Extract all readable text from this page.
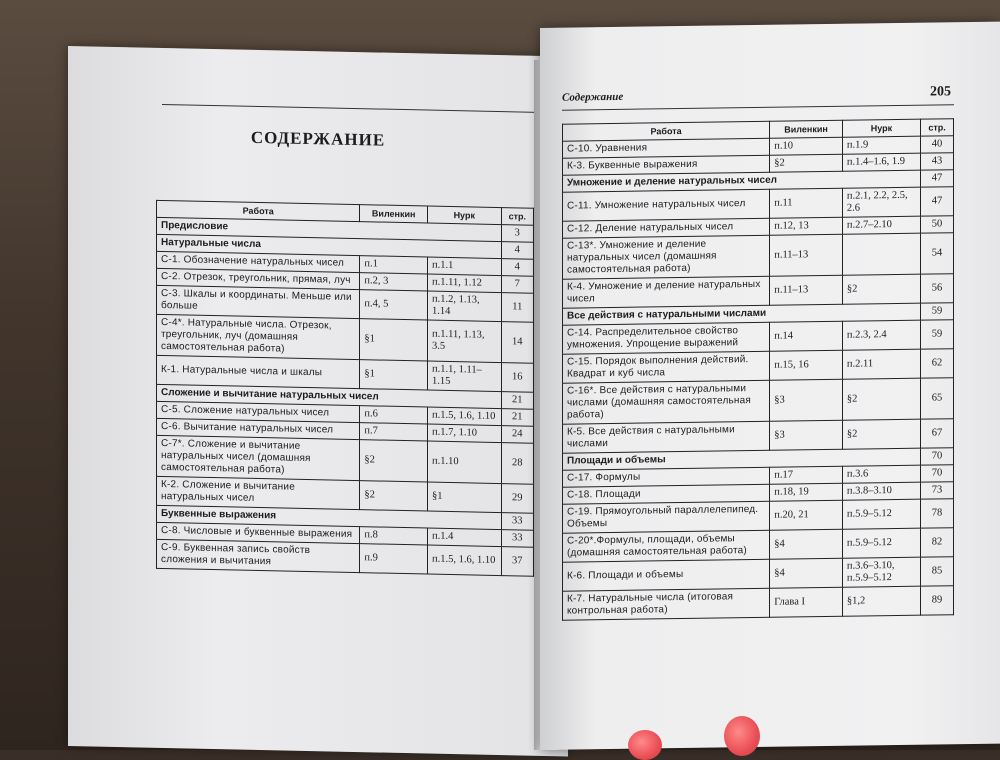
СОДЕРЖАНИЕ
Работа	Виленкин	Нурк	стр.
Предисловие			3
Натуральные числа			4
С-1. Обозначение натуральных чисел	п.1	п.1.1	4
С-2. Отрезок, треугольник, прямая, луч	п.2, 3	п.1.11, 1.12	7
С-3. Шкалы и координаты. Меньше или больше	п.4, 5	п.1.2, 1.13, 1.14	11
С-4*. Натуральные числа. Отрезок, треугольник, луч (домашняя самостоятельная работа)	§1	п.1.11, 1.13, 3.5	14
К-1. Натуральные числа и шкалы	§1	п.1.1, 1.11–1.15	16
Сложение и вычитание натуральных чисел			21
С-5. Сложение натуральных чисел	п.6	п.1.5, 1.6, 1.10	21
С-6. Вычитание натуральных чисел	п.7	п.1.7, 1.10	24
С-7*. Сложение и вычитание натуральных чисел (домашняя самостоятельная работа)	§2	п.1.10	28
К-2. Сложение и вычитание натуральных чисел	§2	§1	29
Буквенные выражения			33
С-8. Числовые и буквенные выражения	п.8	п.1.4	33
С-9. Буквенная запись свойств сложения и вычитания	п.9	п.1.5, 1.6, 1.10	37
Содержание	205
Работа	Виленкин	Нурк	стр.
С-10. Уравнения	п.10	п.1.9	40
К-3. Буквенные выражения	§2	п.1.4–1.6, 1.9	43
Умножение и деление натуральных чисел			47
С-11. Умножение натуральных чисел	п.11	п.2.1, 2.2, 2.5, 2.6	47
С-12. Деление натуральных чисел	п.12, 13	п.2.7–2.10	50
С-13*. Умножение и деление натуральных чисел (домашняя самостоятельная работа)	п.11–13		54
К-4. Умножение и деление натуральных чисел	п.11–13	§2	56
Все действия с натуральными числами			59
С-14. Распределительное свойство умножения. Упрощение выражений	п.14	п.2.3, 2.4	59
С-15. Порядок выполнения действий. Квадрат и куб числа	п.15, 16	п.2.11	62
С-16*. Все действия с натуральными числами (домашняя самостоятельная работа)	§3	§2	65
К-5. Все действия с натуральными числами	§3	§2	67
Площади и объемы			70
С-17. Формулы	п.17	п.3.6	70
С-18. Площади	п.18, 19	п.3.8–3.10	73
С-19. Прямоугольный параллелепипед. Объемы	п.20, 21	п.5.9–5.12	78
С-20*.Формулы, площади, объемы (домашняя самостоятельная работа)	§4	п.5.9–5.12	82
К-6. Площади и объемы	§4	п.3.6–3.10, п.5.9–5.12	85
К-7. Натуральные числа (итоговая контрольная работа)	Глава I	§1,2	89
